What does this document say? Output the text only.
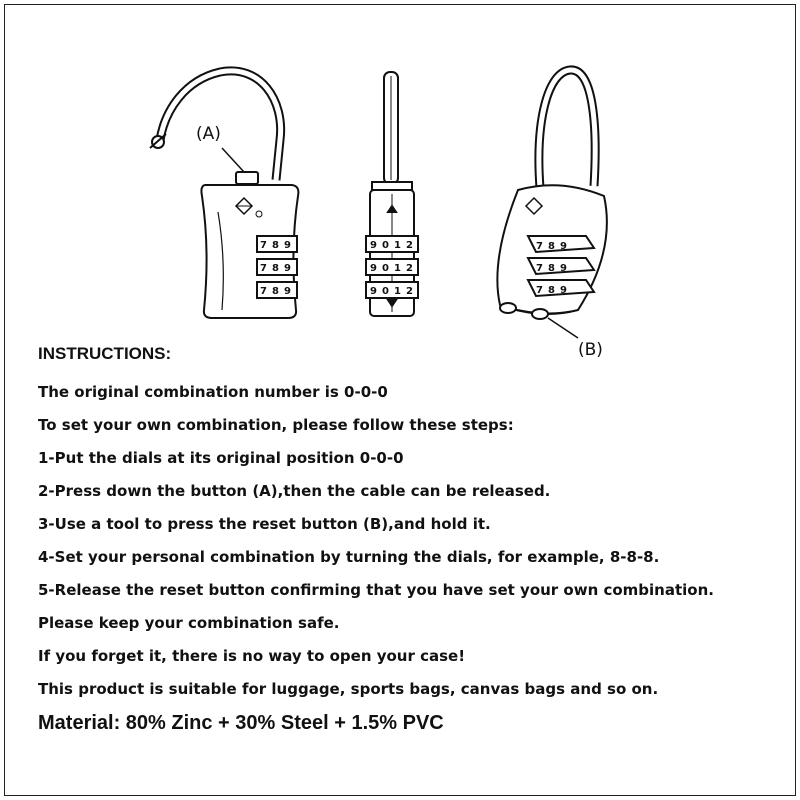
7 8 9
7 8 9
7 8 9
9 0 1 2
9 0 1 2
9 0 1 2
7 8 9
7 8 9
7 8 9
(A)
(B)
INSTRUCTIONS:
The original combination number is 0-0-0
To set your own combination, please follow these steps:
1-Put the dials at its original position 0-0-0
2-Press down the button (A),then the cable can be released.
3-Use a tool to press the reset button (B),and hold it.
4-Set your personal combination by turning the dials, for example, 8-8-8.
5-Release the reset button confirming that you have set your own combination.
Please keep your combination safe.
If you forget it, there is no way to open your case!
This product is suitable for luggage, sports bags, canvas bags and so on.
Material: 80% Zinc + 30% Steel + 1.5% PVC
